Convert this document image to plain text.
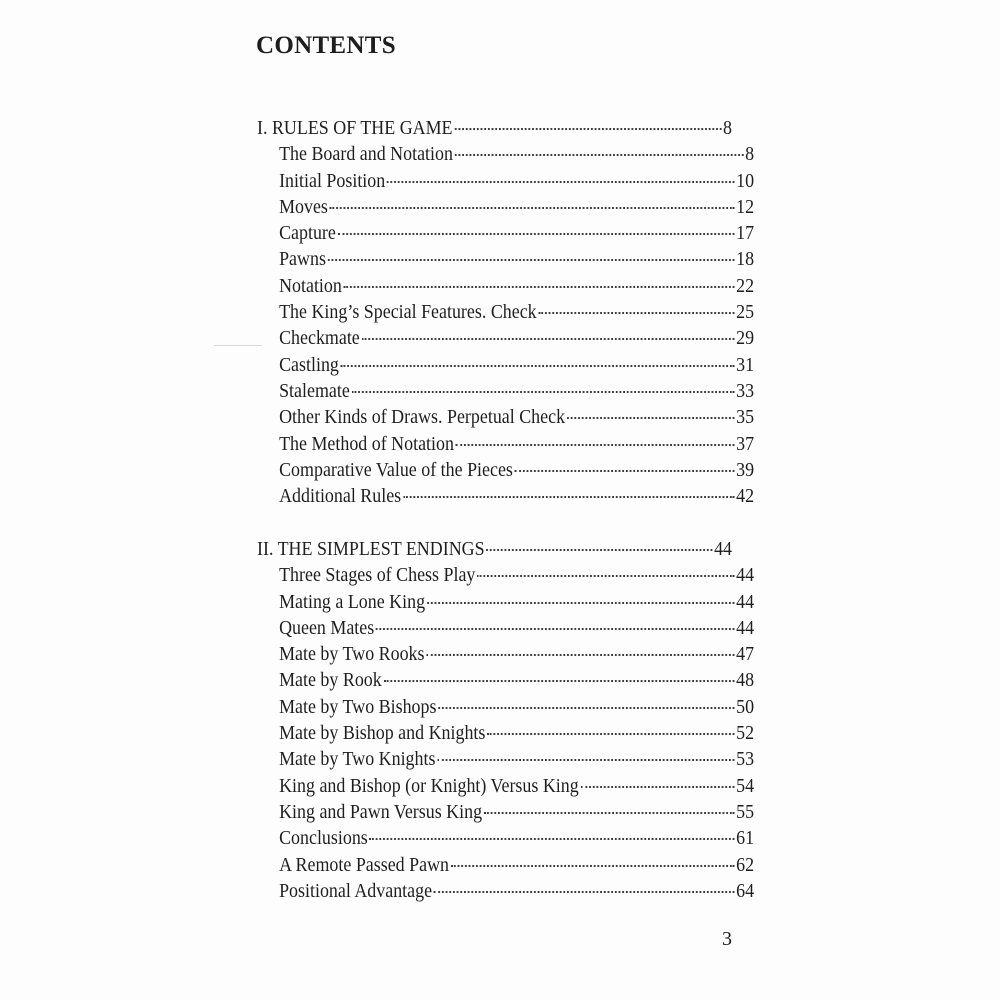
CONTENTS
I. RULES OF THE GAME	8
The Board and Notation	8
Initial Position	10
Moves	12
Capture	17
Pawns	18
Notation	22
The King’s Special Features. Check	25
Checkmate	29
Castling	31
Stalemate	33
Other Kinds of Draws. Perpetual Check	35
The Method of Notation	37
Comparative Value of the Pieces	39
Additional Rules	42
II. THE SIMPLEST ENDINGS	44
Three Stages of Chess Play	44
Mating a Lone King	44
Queen Mates	44
Mate by Two Rooks	47
Mate by Rook	48
Mate by Two Bishops	50
Mate by Bishop and Knights	52
Mate by Two Knights	53
King and Bishop (or Knight) Versus King	54
King and Pawn Versus King	55
Conclusions	61
A Remote Passed Pawn	62
Positional Advantage	64
3
